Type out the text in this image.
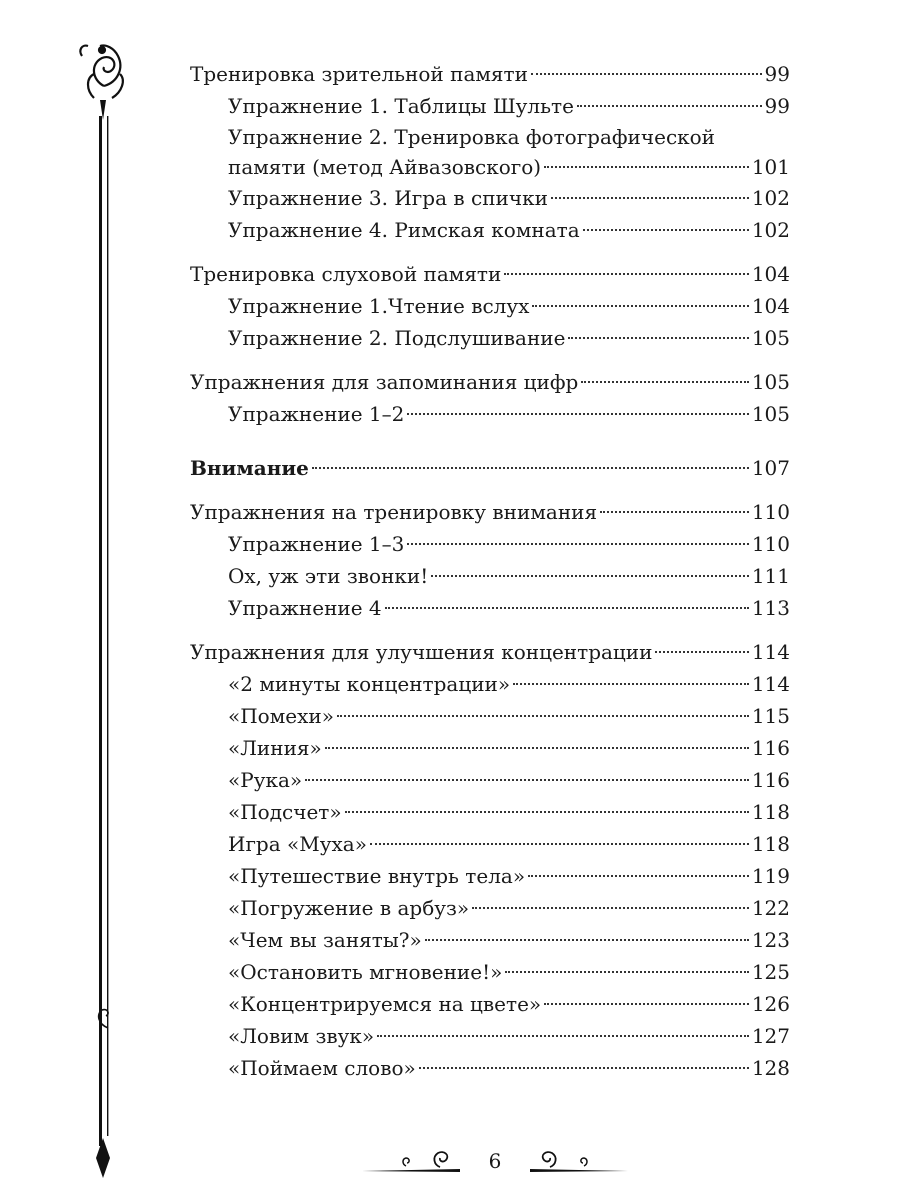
Тренировка зрительной памяти	99
Упражнение 1. Таблицы Шульте	99
Упражнение 2. Тренировка фотографической
памяти (метод Айвазовского)	101
Упражнение 3. Игра в спички	102
Упражнение 4. Римская комната	102
Тренировка слуховой памяти	104
Упражнение 1.Чтение вслух	104
Упражнение 2. Подслушивание	105
Упражнения для запоминания цифр	105
Упражнение 1–2	105
Внимание	107
Упражнения на тренировку внимания	110
Упражнение 1–3	110
Ох, уж эти звонки!	111
Упражнение 4	113
Упражнения для улучшения концентрации	114
«2 минуты концентрации»	114
«Помехи»	115
«Линия»	116
«Рука»	116
«Подсчет»	118
Игра «Муха»	118
«Путешествие внутрь тела»	119
«Погружение в арбуз»	122
«Чем вы заняты?»	123
«Остановить мгновение!»	125
«Концентрируемся на цвете»	126
«Ловим звук»	127
«Поймаем слово»	128
6
